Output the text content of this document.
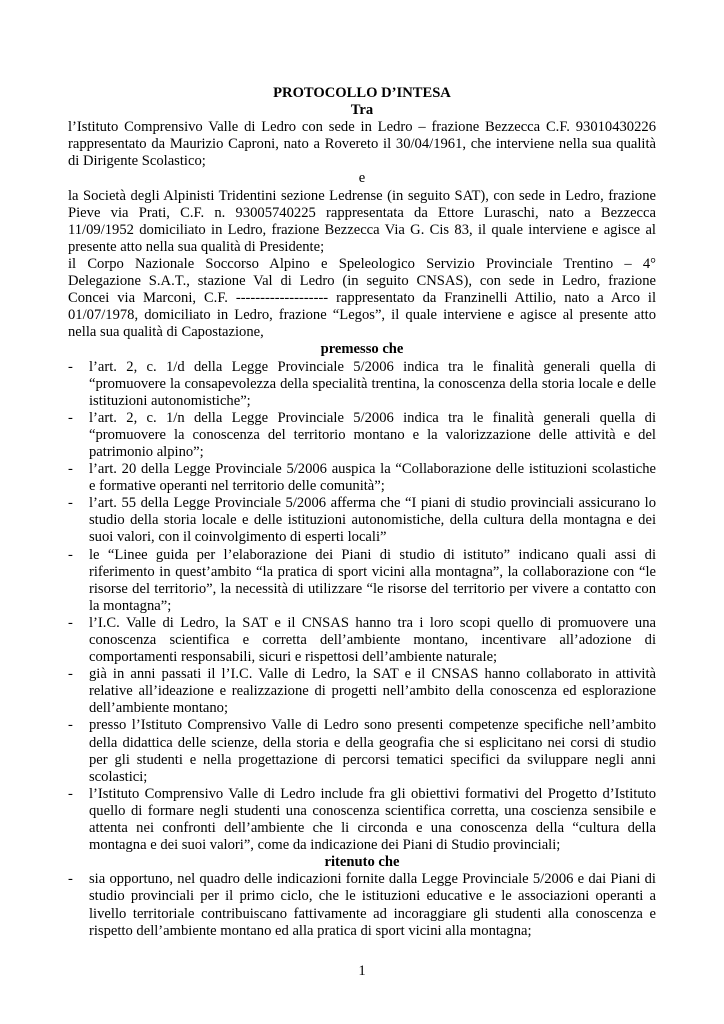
PROTOCOLLO D’INTESA
Tra
l’Istituto Comprensivo Valle di Ledro con sede in Ledro – frazione Bezzecca C.F. 93010430226
rappresentato da Maurizio Caproni, nato a Rovereto il 30/04/1961, che interviene nella sua qualità
di Dirigente Scolastico;
e
la Società degli Alpinisti Tridentini sezione Ledrense (in seguito SAT), con sede in Ledro, frazione
Pieve via Prati, C.F. n. 93005740225 rappresentata da Ettore Luraschi, nato a Bezzecca
11/09/1952 domiciliato in Ledro, frazione Bezzecca Via G. Cis 83, il quale interviene e agisce al
presente atto nella sua qualità di Presidente;
il Corpo Nazionale Soccorso Alpino e Speleologico Servizio Provinciale Trentino – 4°
Delegazione S.A.T., stazione Val di Ledro (in seguito CNSAS), con sede in Ledro, frazione
Concei via Marconi, C.F. ------------------- rappresentato da Franzinelli Attilio, nato a Arco il
01/07/1978, domiciliato in Ledro, frazione “Legos”, il quale interviene e agisce al presente atto
nella sua qualità di Capostazione,
premesso che
- l’art. 2, c. 1/d della Legge Provinciale 5/2006 indica tra le finalità generali quella di
“promuovere la consapevolezza della specialità trentina, la conoscenza della storia locale e delle
istituzioni autonomistiche”;
- l’art. 2, c. 1/n della Legge Provinciale 5/2006 indica tra le finalità generali quella di
“promuovere la conoscenza del territorio montano e la valorizzazione delle attività e del
patrimonio alpino”;
- l’art. 20 della Legge Provinciale 5/2006 auspica la “Collaborazione delle istituzioni scolastiche
e formative operanti nel territorio delle comunità”;
- l’art. 55 della Legge Provinciale 5/2006 afferma che “I piani di studio provinciali assicurano lo
studio della storia locale e delle istituzioni autonomistiche, della cultura della montagna e dei
suoi valori, con il coinvolgimento di esperti locali”
- le “Linee guida per l’elaborazione dei Piani di studio di istituto” indicano quali assi di
riferimento in quest’ambito “la pratica di sport vicini alla montagna”, la collaborazione con “le
risorse del territorio”, la necessità di utilizzare “le risorse del territorio per vivere a contatto con
la montagna”;
- l’I.C. Valle di Ledro, la SAT e il CNSAS hanno tra i loro scopi quello di promuovere una
conoscenza scientifica e corretta dell’ambiente montano, incentivare all’adozione di
comportamenti responsabili, sicuri e rispettosi dell’ambiente naturale;
- già in anni passati il l’I.C. Valle di Ledro, la SAT e il CNSAS hanno collaborato in attività
relative all’ideazione e realizzazione di progetti nell’ambito della conoscenza ed esplorazione
dell’ambiente montano;
- presso l’Istituto Comprensivo Valle di Ledro sono presenti competenze specifiche nell’ambito
della didattica delle scienze, della storia e della geografia che si esplicitano nei corsi di studio
per gli studenti e nella progettazione di percorsi tematici specifici da sviluppare negli anni
scolastici;
- l’Istituto Comprensivo Valle di Ledro include fra gli obiettivi formativi del Progetto d’Istituto
quello di formare negli studenti una conoscenza scientifica corretta, una coscienza sensibile e
attenta nei confronti dell’ambiente che li circonda e una conoscenza della “cultura della
montagna e dei suoi valori”, come da indicazione dei Piani di Studio provinciali;
ritenuto che
- sia opportuno, nel quadro delle indicazioni fornite dalla Legge Provinciale 5/2006 e dai Piani di
studio provinciali per il primo ciclo, che le istituzioni educative e le associazioni operanti a
livello territoriale contribuiscano fattivamente ad incoraggiare gli studenti alla conoscenza e
rispetto dell’ambiente montano ed alla pratica di sport vicini alla montagna;
1
